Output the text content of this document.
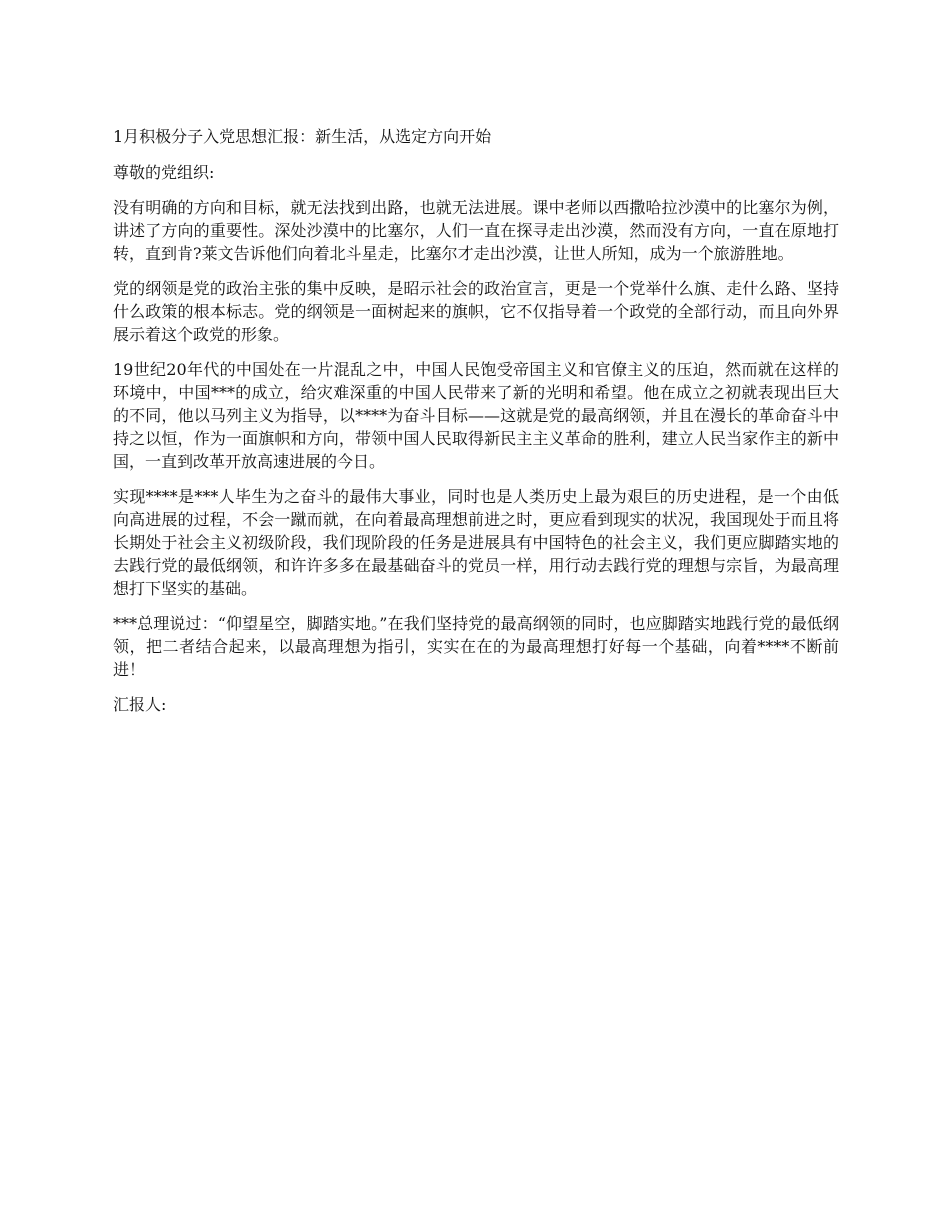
1月积极分子入党思想汇报：新生活，从选定方向开始

尊敬的党组织:

没有明确的方向和目标，就无法找到出路，也就无法进展。课中老师以西撒哈拉沙漠中的比塞尔为例，讲述了方向的重要性。深处沙漠中的比塞尔，人们一直在探寻走出沙漠，然而没有方向，一直在原地打转，直到肯?莱文告诉他们向着北斗星走，比塞尔才走出沙漠，让世人所知，成为一个旅游胜地。

党的纲领是党的政治主张的集中反映，是昭示社会的政治宣言，更是一个党举什么旗、走什么路、坚持什么政策的根本标志。党的纲领是一面树起来的旗帜，它不仅指导着一个政党的全部行动，而且向外界展示着这个政党的形象。

19世纪20年代的中国处在一片混乱之中，中国人民饱受帝国主义和官僚主义的压迫，然而就在这样的环境中，中国***的成立，给灾难深重的中国人民带来了新的光明和希望。他在成立之初就表现出巨大的不同，他以马列主义为指导，以****为奋斗目标——这就是党的最高纲领，并且在漫长的革命奋斗中持之以恒，作为一面旗帜和方向，带领中国人民取得新民主主义革命的胜利，建立人民当家作主的新中国，一直到改革开放高速进展的今日。

实现****是***人毕生为之奋斗的最伟大事业，同时也是人类历史上最为艰巨的历史进程，是一个由低向高进展的过程，不会一蹴而就，在向着最高理想前进之时，更应看到现实的状况，我国现处于而且将长期处于社会主义初级阶段，我们现阶段的任务是进展具有中国特色的社会主义，我们更应脚踏实地的去践行党的最低纲领，和许许多多在最基础奋斗的党员一样，用行动去践行党的理想与宗旨，为最高理想打下坚实的基础。

***总理说过：“仰望星空，脚踏实地。”在我们坚持党的最高纲领的同时，也应脚踏实地践行党的最低纲领，把二者结合起来，以最高理想为指引，实实在在的为最高理想打好每一个基础，向着****不断前进！

汇报人:
